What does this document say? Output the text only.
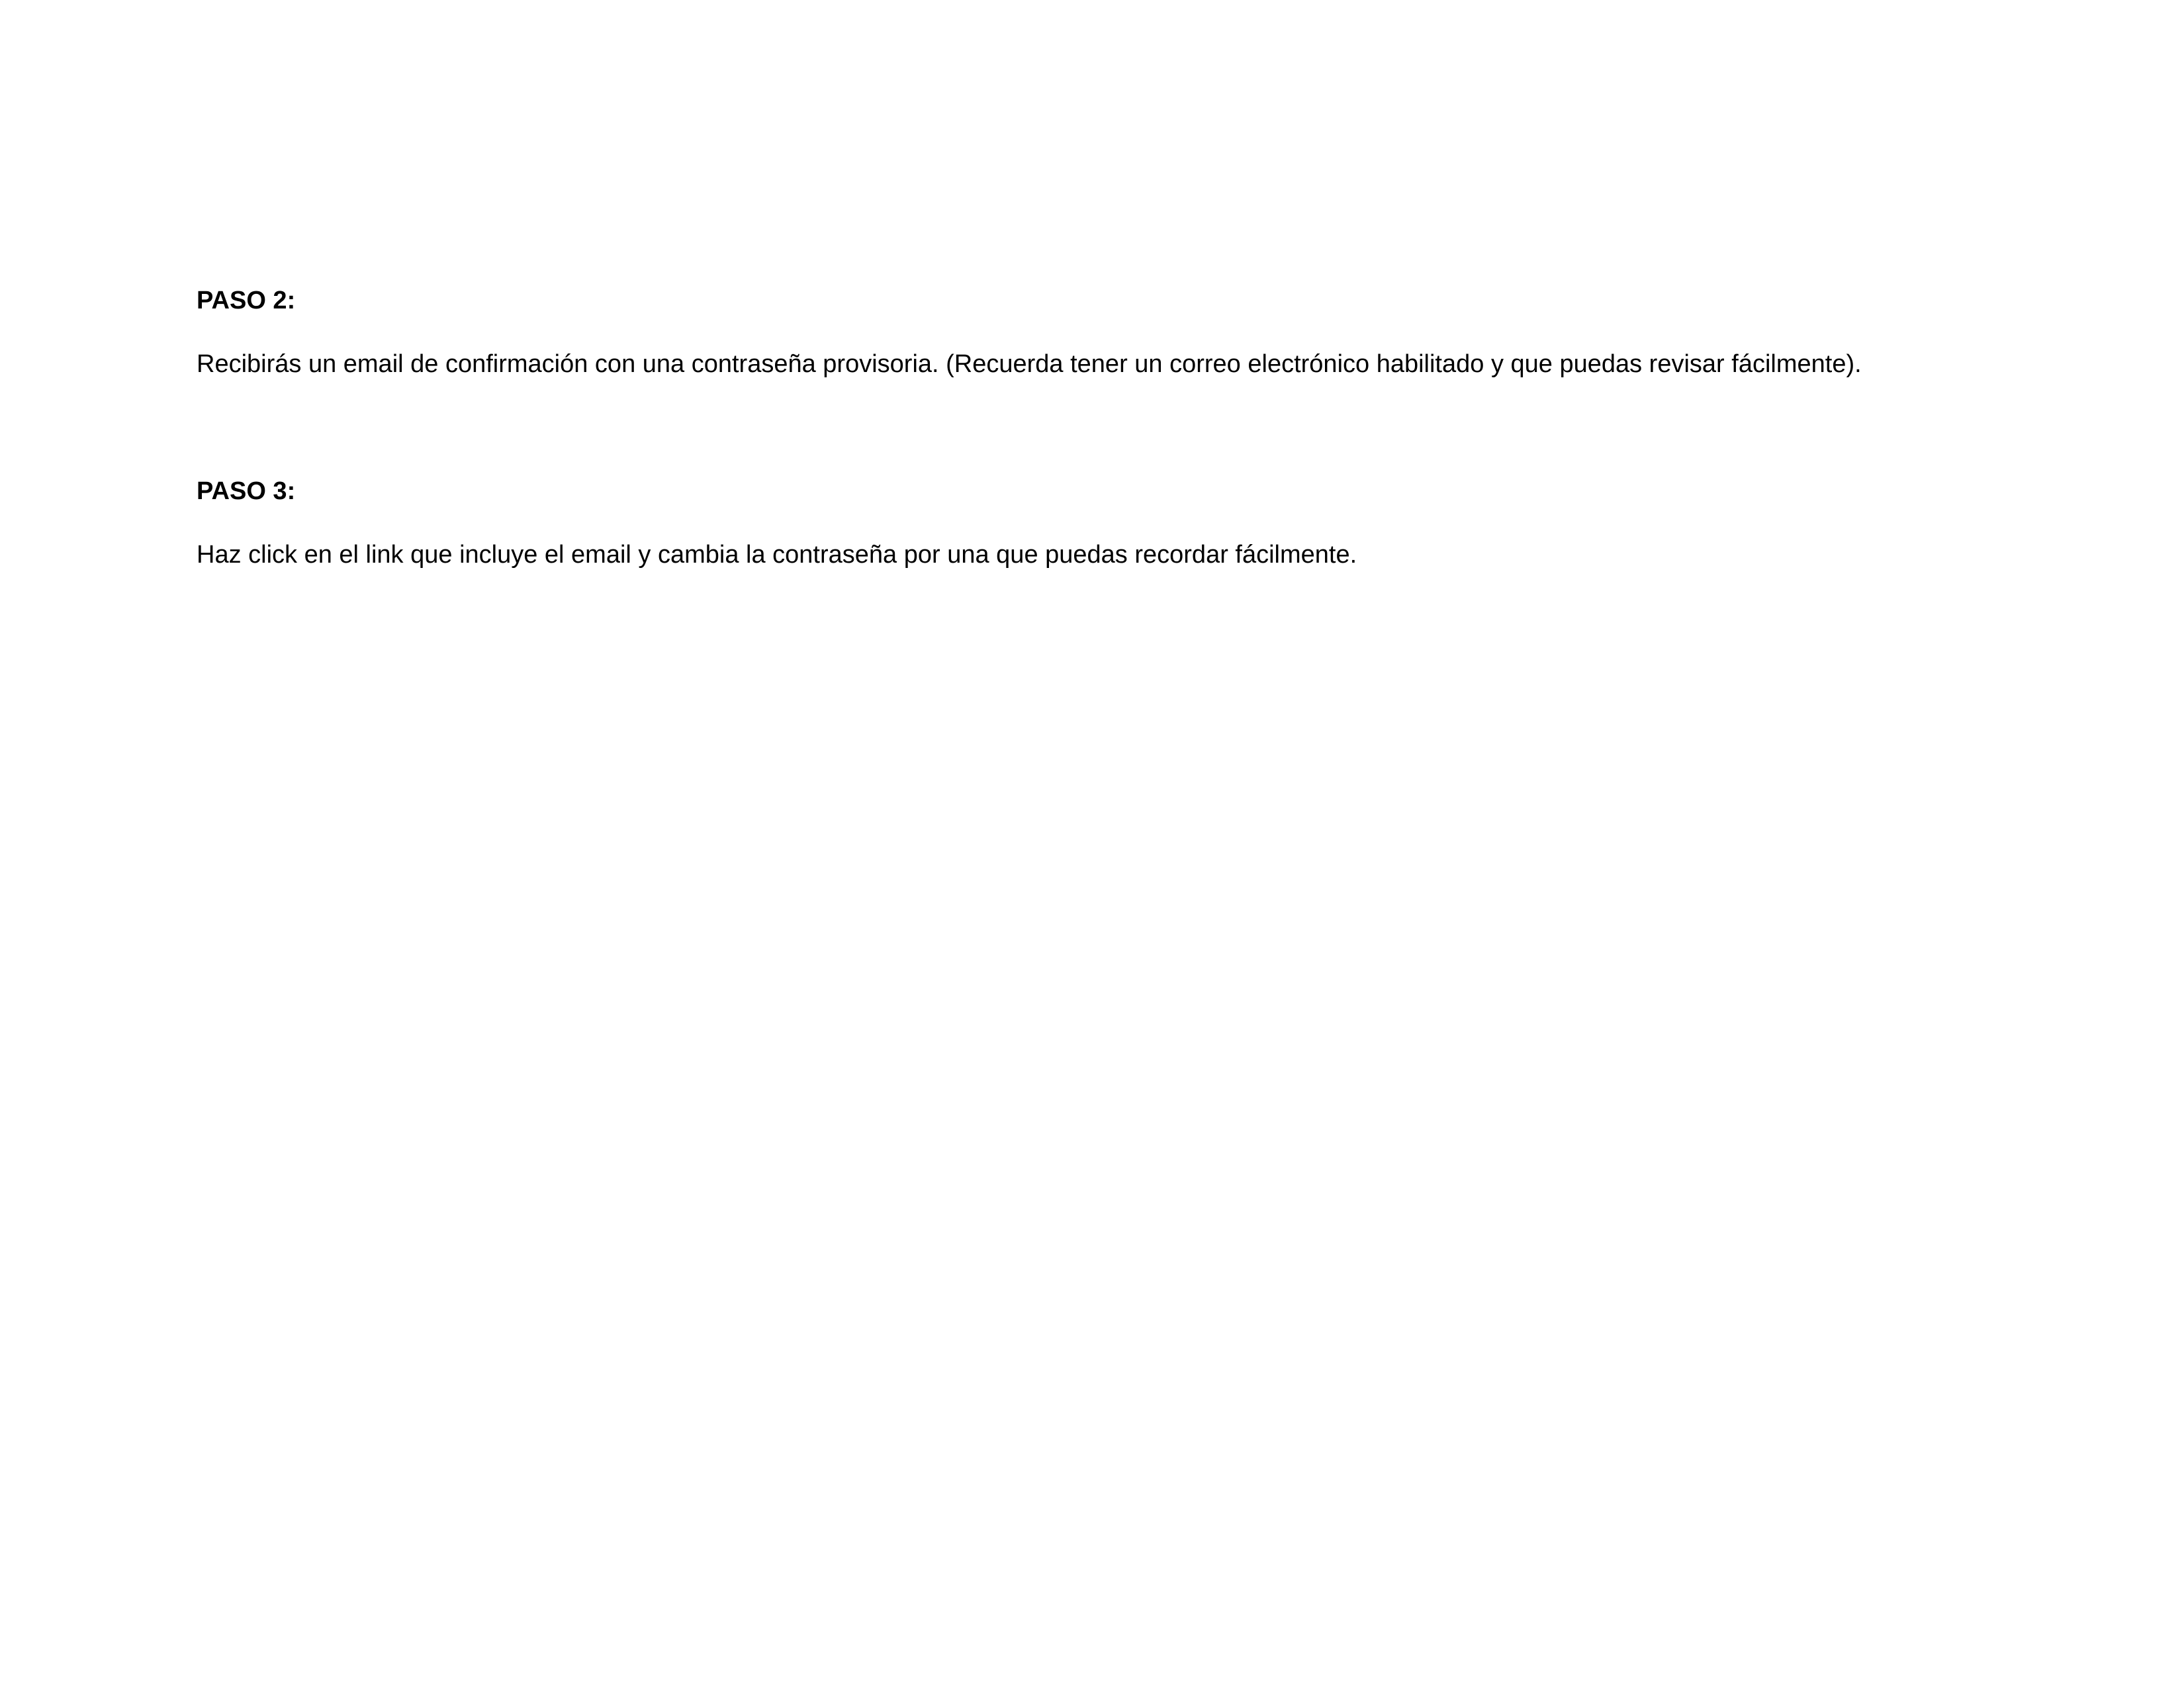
PASO 2:

Recibirás un email de confirmación con una contraseña provisoria. (Recuerda tener un correo electrónico habilitado y que puedas revisar fácilmente).

PASO 3:

Haz click en el link que incluye el email y cambia la contraseña por una que puedas recordar fácilmente.
